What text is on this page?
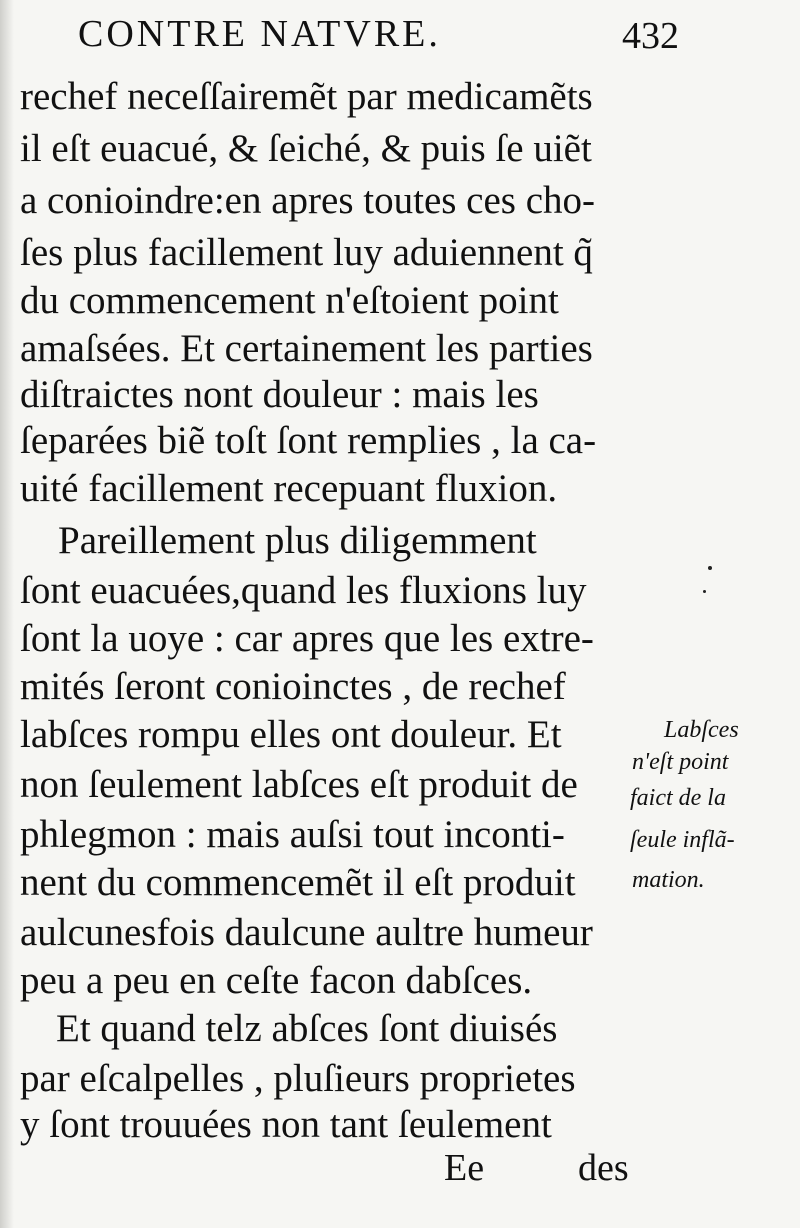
CONTRE NATVRE.	432
rechef neceſſairemẽt par medicamẽts
il eſt euacué, & ſeiché, & puis ſe uiẽt
a conioindre:en apres toutes ces cho-
ſes plus facillement luy aduiennent q̃
du commencement n'eſtoient point
amaſsées. Et certainement les parties
diſtraictes nont douleur : mais les
ſeparées biẽ toſt ſont remplies , la ca-
uité facillement recepuant fluxion.
Pareillement plus diligemment
ſont euacuées,quand les fluxions luy
ſont la uoye : car apres que les extre-
mités ſeront conioinctes , de rechef
labſces rompu elles ont douleur. Et
non ſeulement labſces eſt produit de
phlegmon : mais auſsi tout inconti-
nent du commencemẽt il eſt produit
aulcunesfois daulcune aultre humeur
peu a peu en ceſte facon dabſces.
Et quand telz abſces ſont diuisés
par eſcalpelles , pluſieurs proprietes
y ſont trouuées non tant ſeulement
Labſces
n'eſt point
faict de la
ſeule inflã-
mation.
Ee des
